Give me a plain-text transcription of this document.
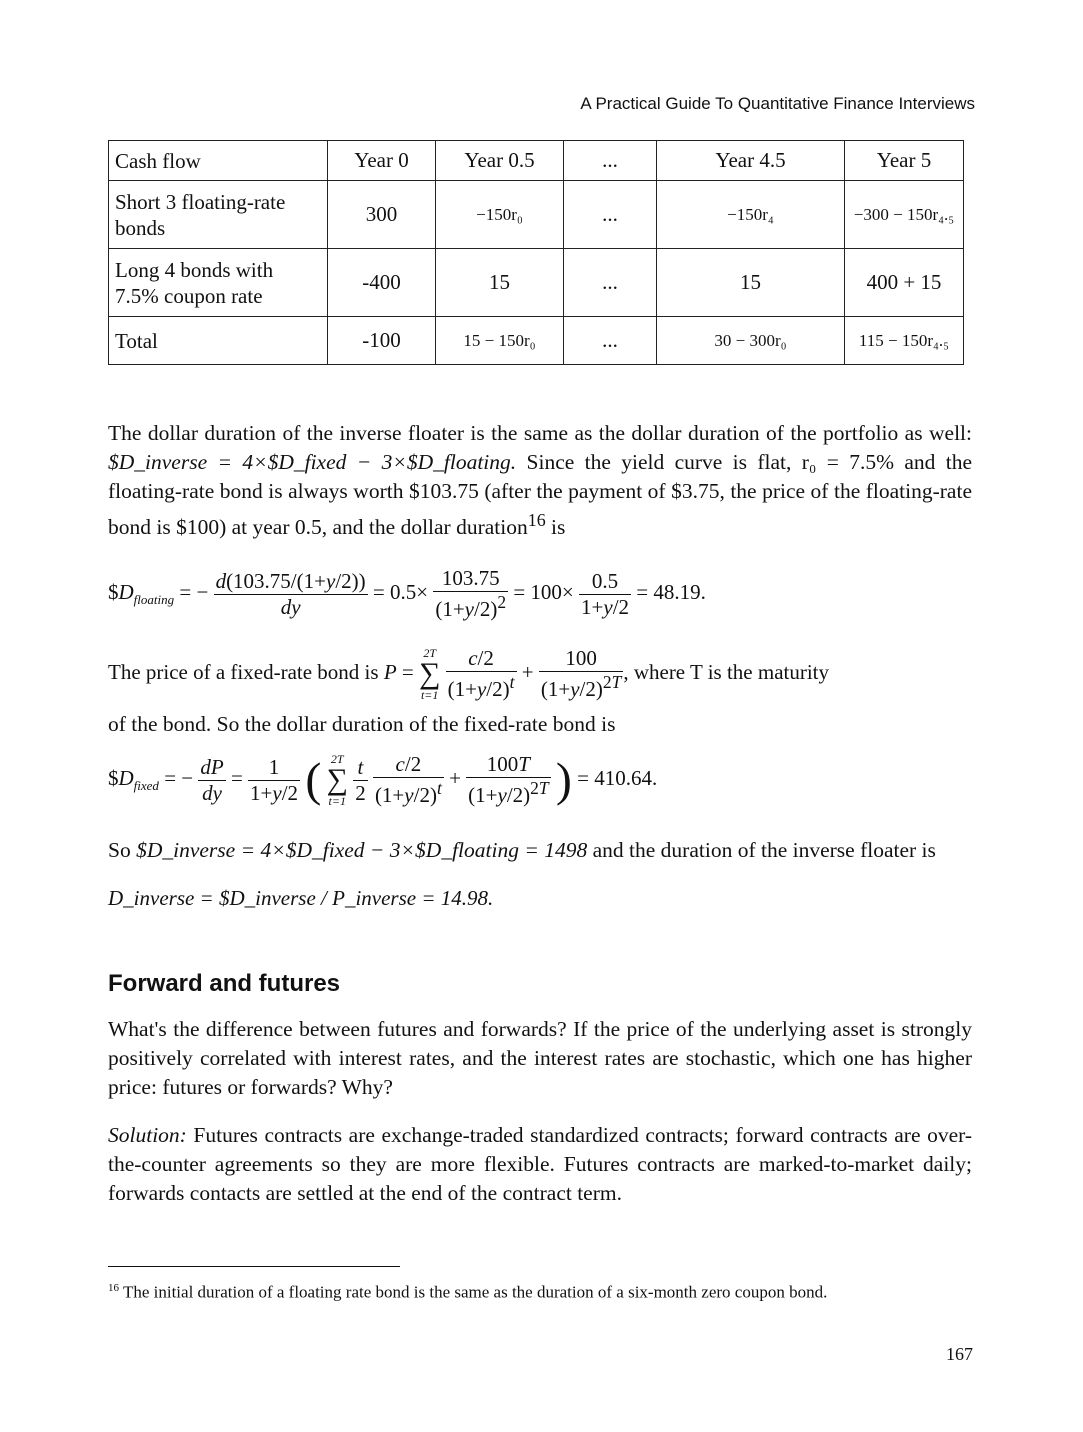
A Practical Guide To Quantitative Finance Interviews
Cash flow	Year 0	Year 0.5	...	Year 4.5	Year 5
Short 3 floating-rate bonds	300	−150r₀	...	−150r₄	−300 − 150r₄.₅
Long 4 bonds with 7.5% coupon rate	-400	15	...	15	400 + 15
Total	-100	15 − 150r₀	...	30 − 300r₀	115 − 150r₄.₅

The dollar duration of the inverse floater is the same as the dollar duration of the portfolio as well: $D_inverse = 4×$D_fixed − 3×$D_floating. Since the yield curve is flat, r₀ = 7.5% and the floating-rate bond is always worth $103.75 (after the payment of $3.75, the price of the floating-rate bond is $100) at year 0.5, and the dollar duration$^{16}$ is

$\$D_{floating}$ = − $\frac{d(103.75/(1+y/2))}{dy} = 0.5\times \frac{103.75}{(1+y/2)^2} = 100\times \frac{0.5}{1+y/2} = 48.19$.
The price of a fixed-rate bond is P =
2T
∑
t=1
$\frac{c/2}{(1+y/2)^t} + \frac{100}{(1+y/2)^{2T}}$ , where T is the maturity

of the bond. So the dollar duration of the fixed-rate bond is

$\$D_{fixed}$ = − $\frac{dP}{dy} = \frac{1}{1+y/2}$ ( 2T
∑
t=1
$\frac{t}{2}$
$\frac{c/2}{(1+y/2)^t} + \frac{100T}{(1+y/2)^{2T}}$ ) = 410.64.

So $D_inverse = 4×$D_fixed − 3×$D_floating = 1498 and the duration of the inverse floater is

D_inverse = $D_inverse / P_inverse = 14.98.
Forward and futures

What's the difference between futures and forwards? If the price of the underlying asset is strongly positively correlated with interest rates, and the interest rates are stochastic, which one has higher price: futures or forwards? Why?

Solution: Futures contracts are exchange-traded standardized contracts; forward contracts are over-the-counter agreements so they are more flexible. Futures contracts are marked-to-market daily; forwards contacts are settled at the end of the contract term.

$^{16}$ The initial duration of a floating rate bond is the same as the duration of a six-month zero coupon bond.
167
